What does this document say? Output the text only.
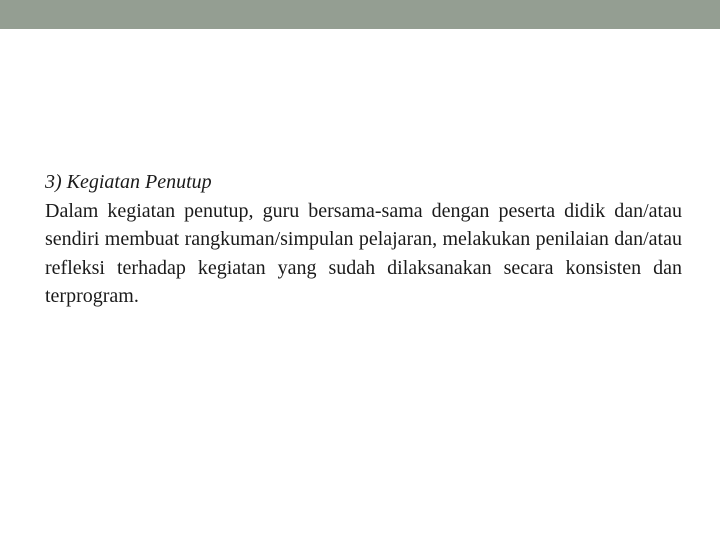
3) Kegiatan Penutup
Dalam kegiatan penutup, guru bersama-sama dengan peserta didik dan/atau sendiri membuat rangkuman/simpulan pelajaran, melakukan penilaian dan/atau refleksi terhadap kegiatan yang sudah dilaksanakan secara konsisten dan terprogram.
